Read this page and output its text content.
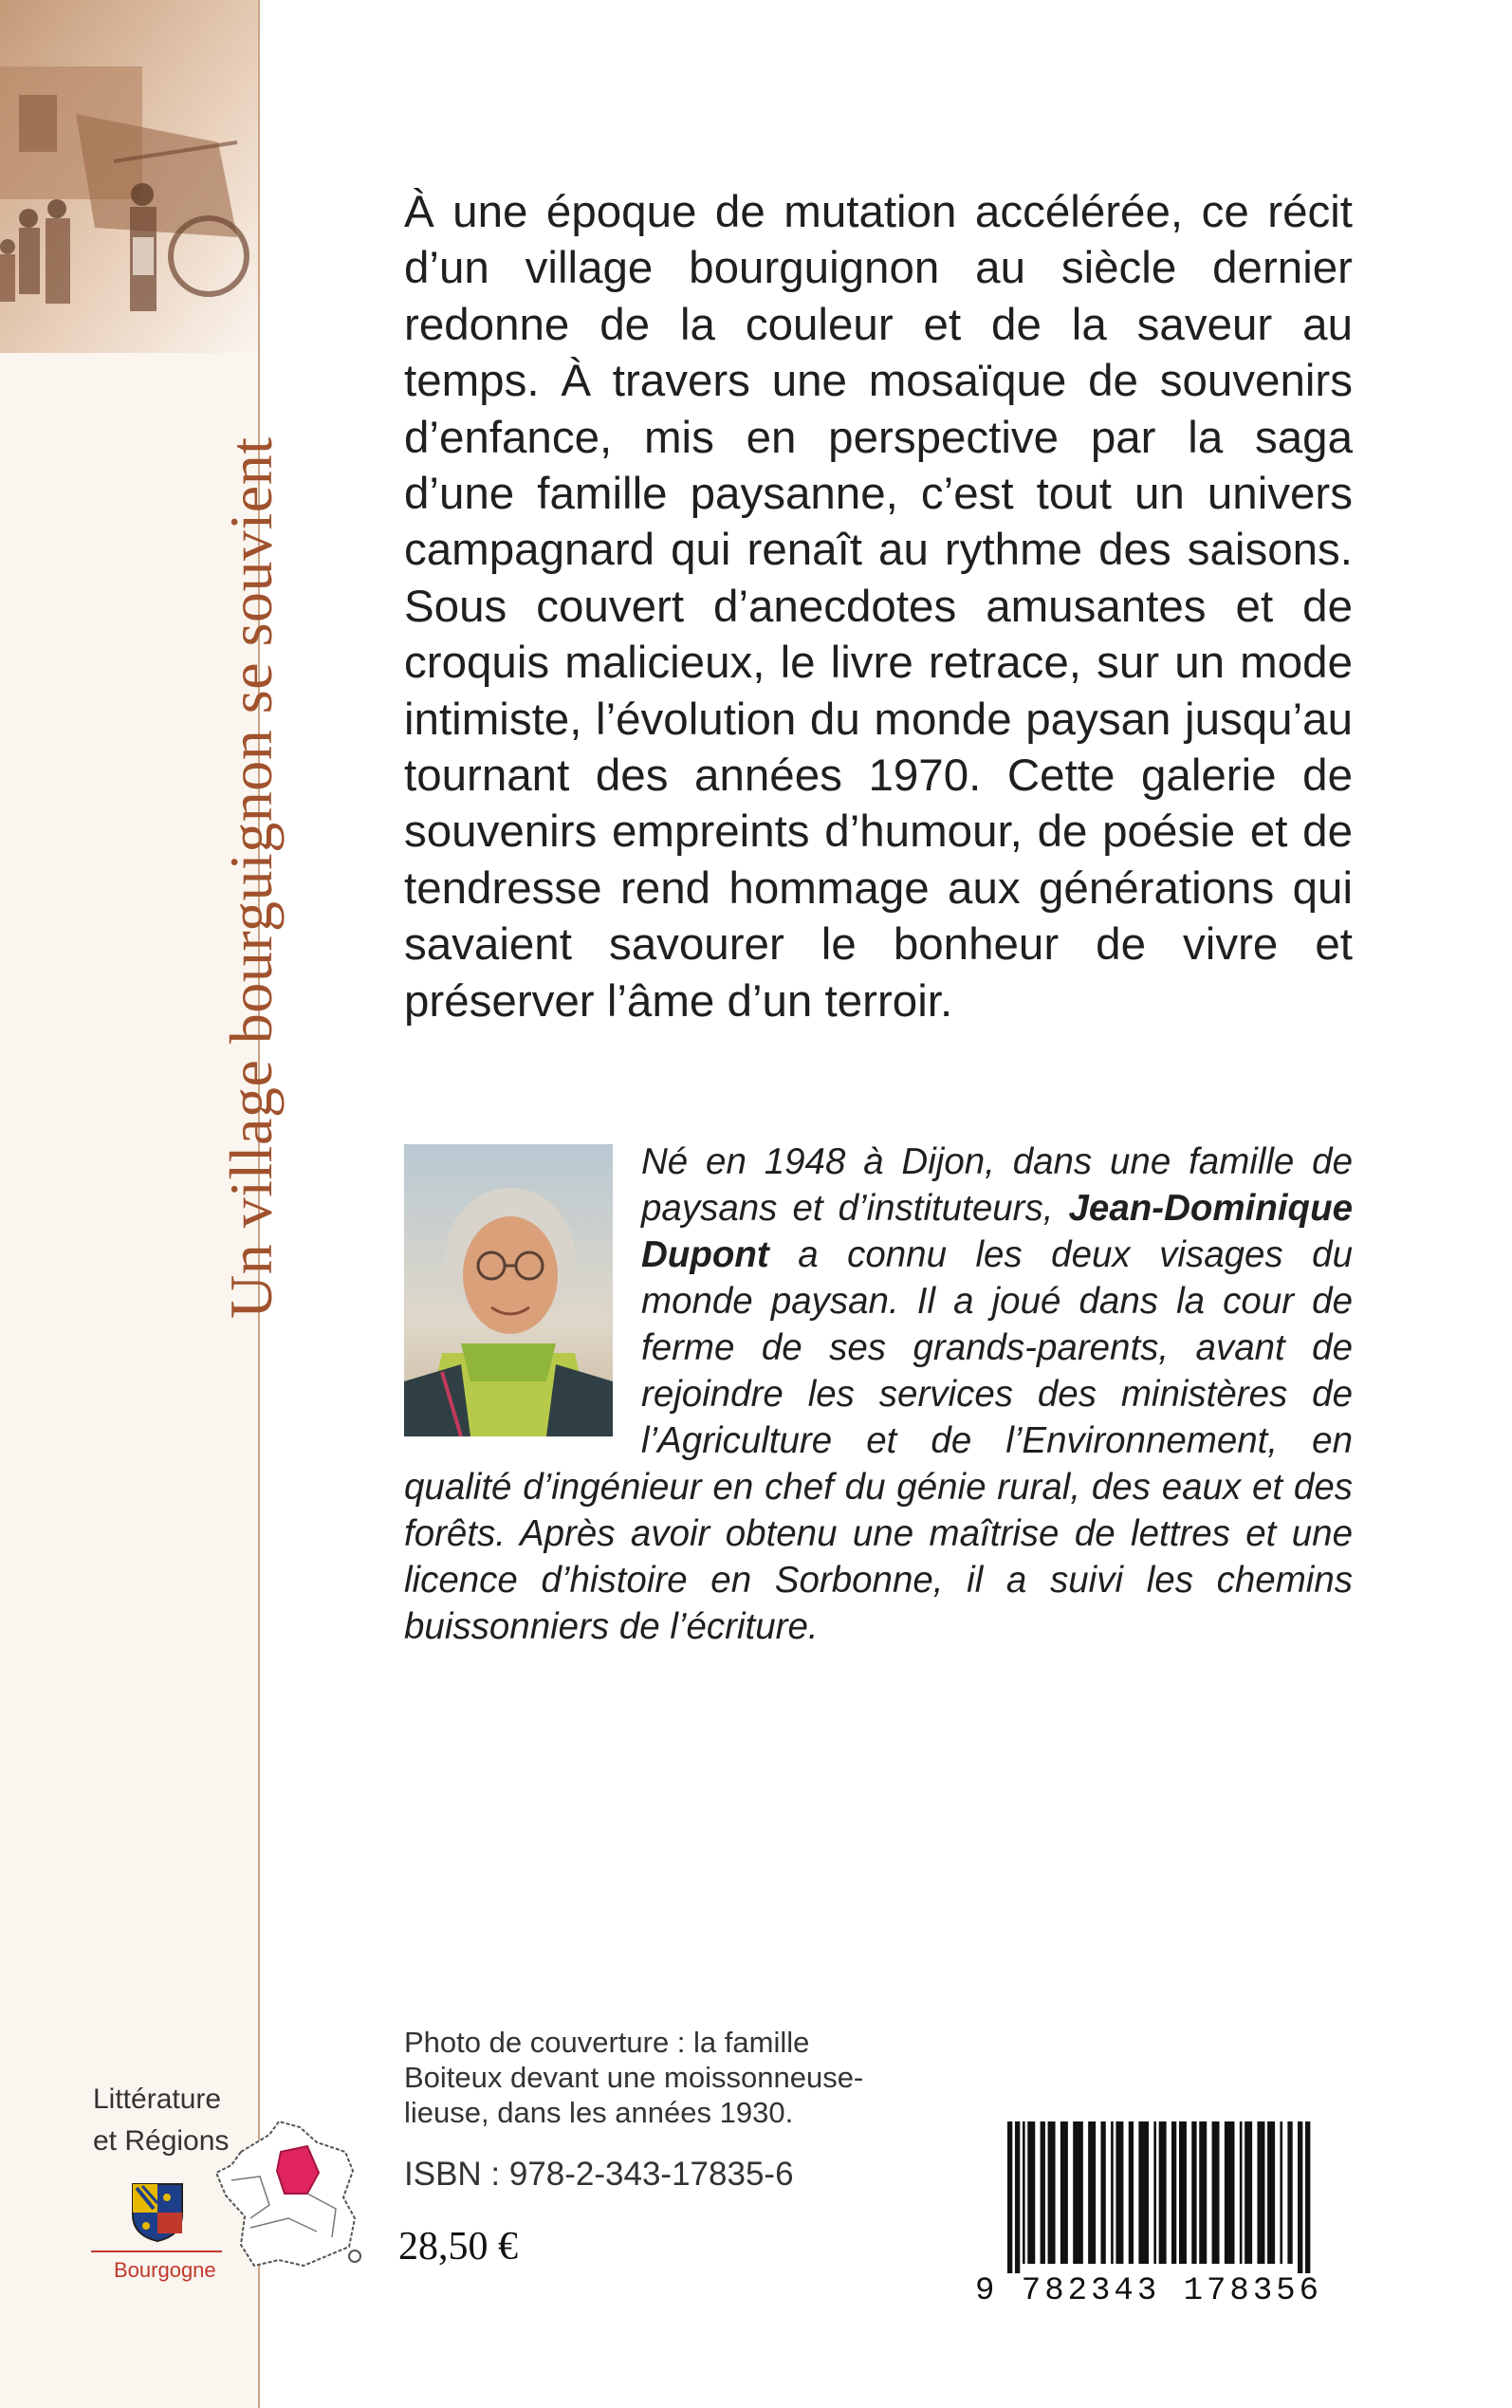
Un village bourguignon se souvient

À une époque de mutation accélérée, ce récit d’un village bourguignon au siècle dernier redonne de la couleur et de la saveur au temps. À travers une mosaïque de souvenirs d’enfance, mis en perspective par la saga d’une famille paysanne, c’est tout un univers campagnard qui renaît au rythme des saisons. Sous couvert d’anecdotes amusantes et de croquis malicieux, le livre retrace, sur un mode intimiste, l’évolution du monde paysan jusqu’au tournant des années 1970. Cette galerie de souvenirs empreints d’humour, de poésie et de tendresse rend hommage aux générations qui savaient savourer le bonheur de vivre et préserver l’âme d’un terroir.

Né en 1948 à Dijon, dans une famille de paysans et d’instituteurs, Jean-Dominique Dupont a connu les deux visages du monde paysan. Il a joué dans la cour de ferme de ses grands-parents, avant de rejoindre les services des ministères de l’Agriculture et de l’Environnement, en qualité d’ingénieur en chef du génie rural, des eaux et des forêts. Après avoir obtenu une maîtrise de lettres et une licence d’histoire en Sorbonne, il a suivi les chemins buissonniers de l’écriture.

Photo de couverture : la famille Boiteux devant une moissonneuse-lieuse, dans les années 1930.
ISBN : 978-2-343-17835-6
28,50 €
Littérature
et Régions
Bourgogne
9 782343 178356
